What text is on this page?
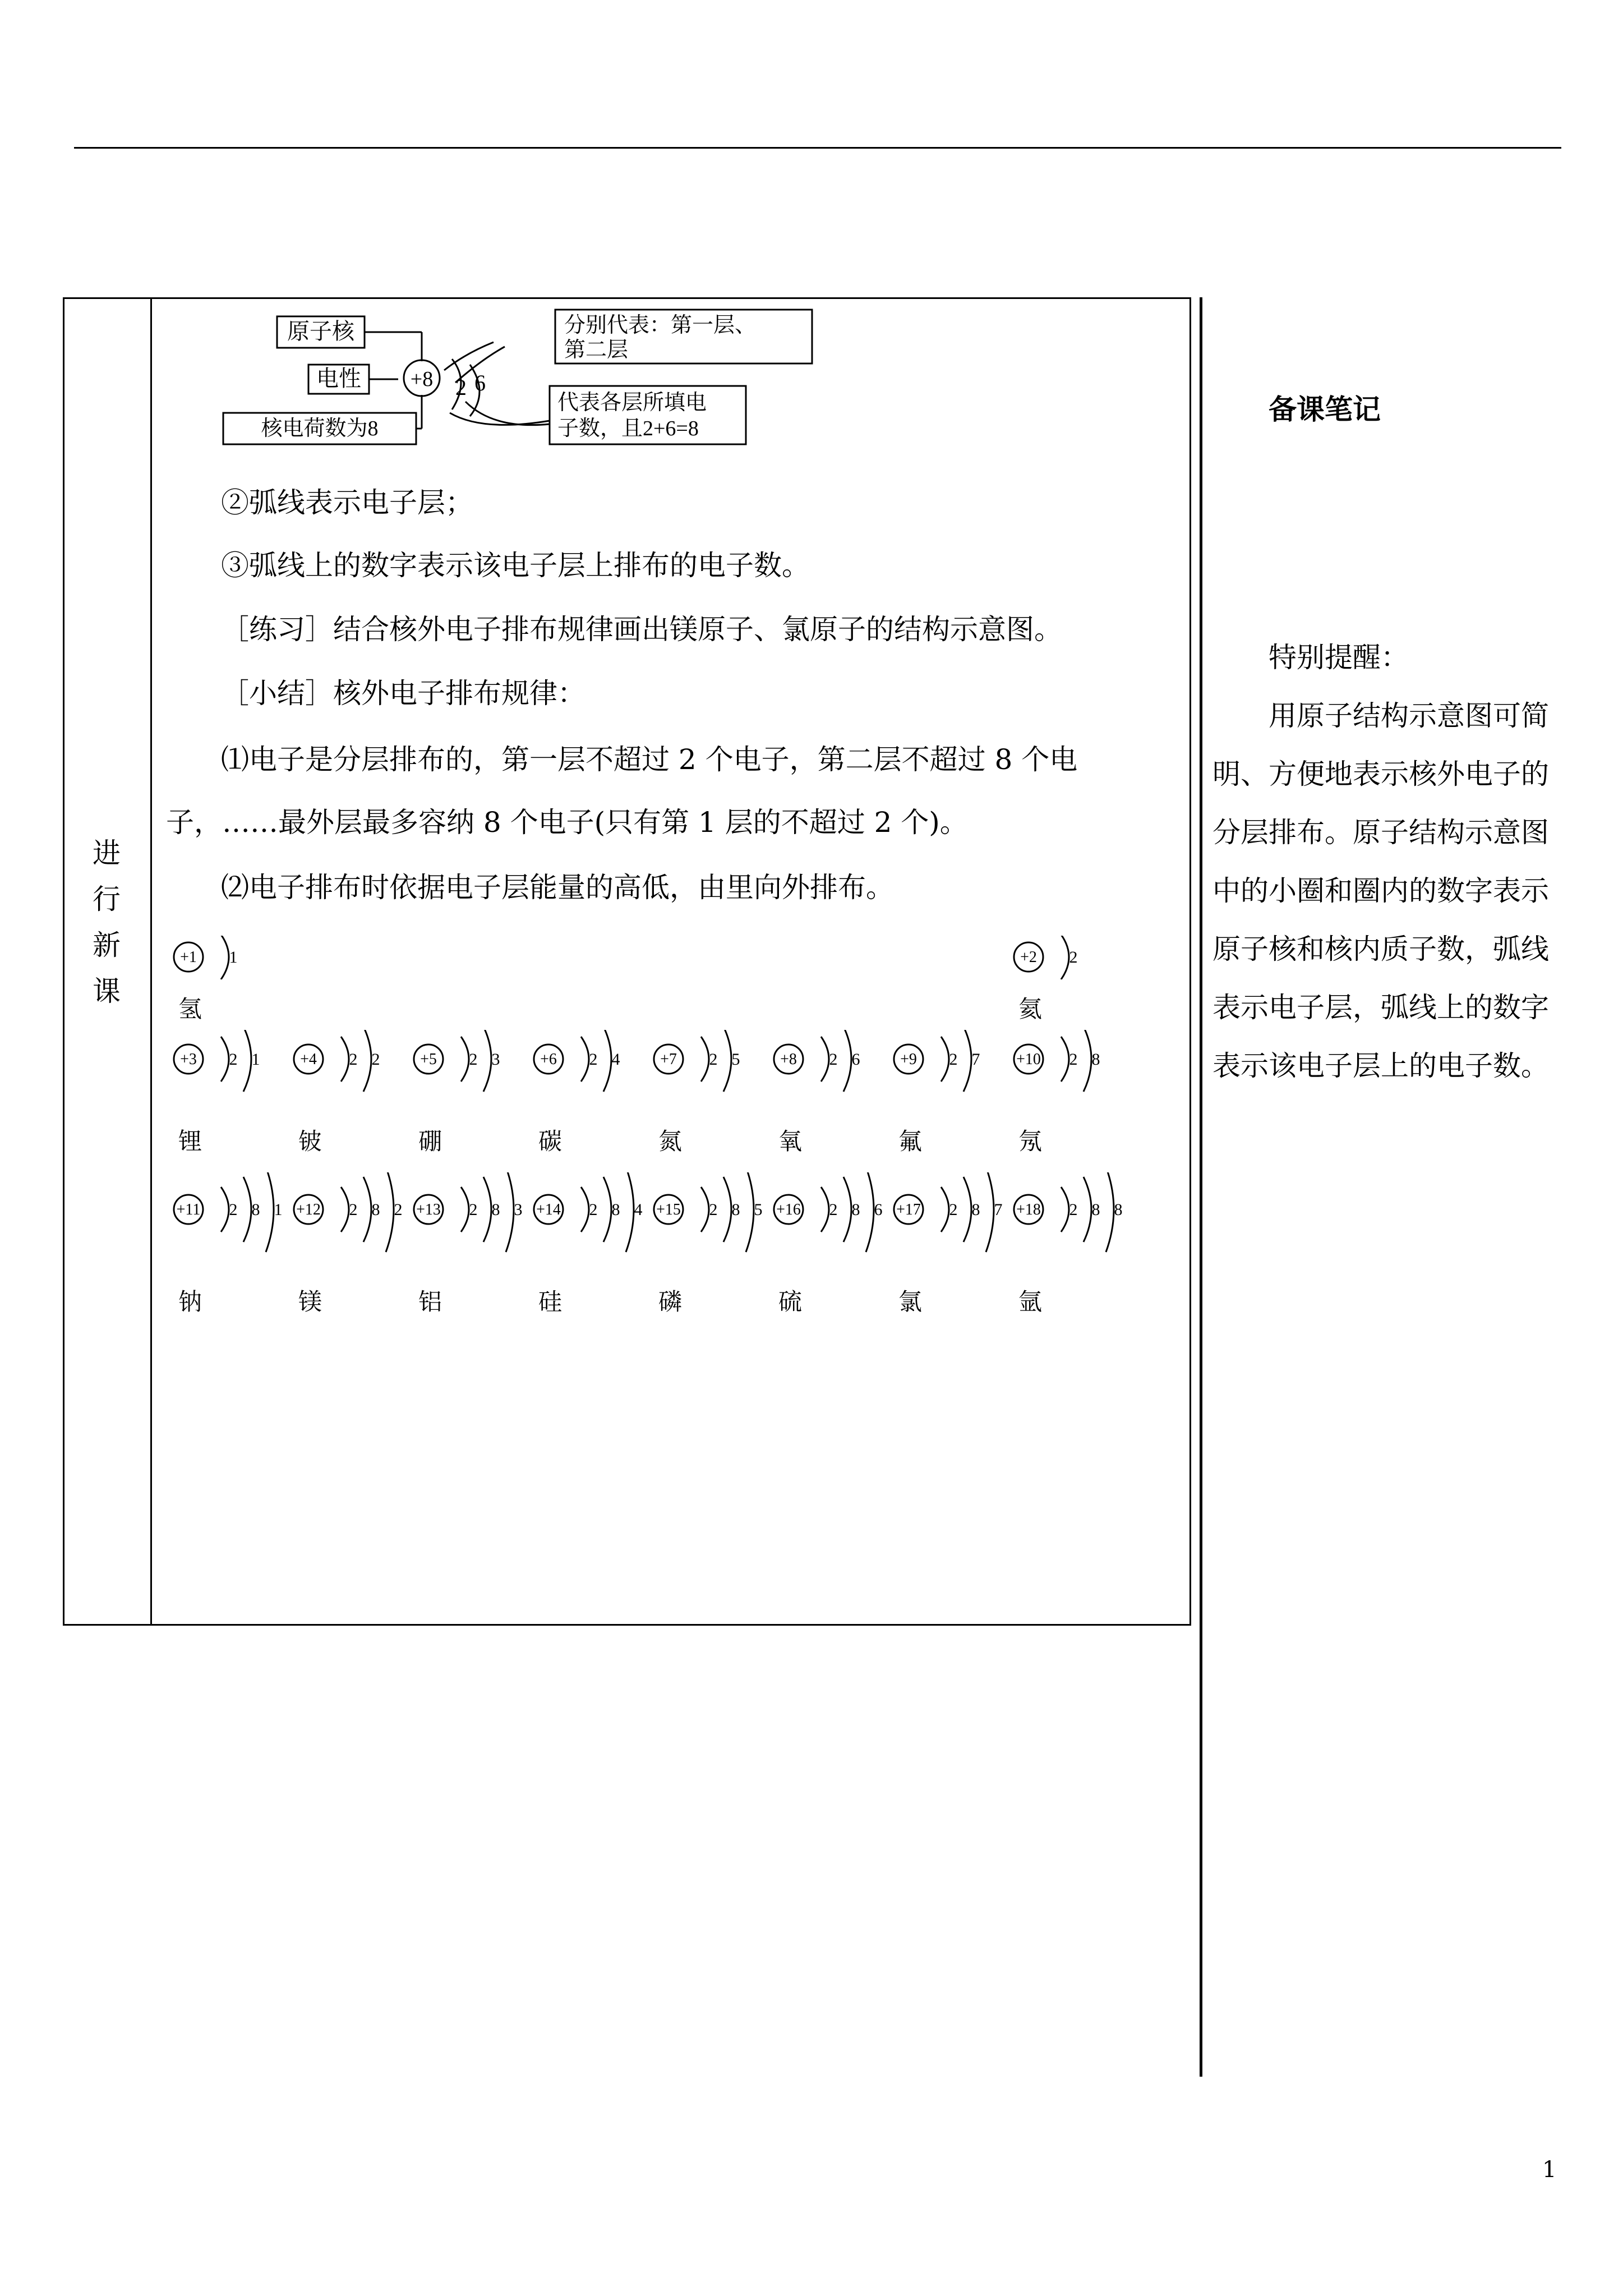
进
行
新
课
原子核
电性
核电荷数为8
+8 2 6
分别代表：第一层、
第二层
代表各层所填电
子数，且2+6=8
②弧线表示电子层；
③弧线上的数字表示该电子层上排布的电子数。
［练习］结合核外电子排布规律画出镁原子、氯原子的结构示意图。
［小结］核外电子排布规律：
⑴电子是分层排布的，第一层不超过 2 个电子，第二层不超过 8 个电
子，……最外层最多容纳 8 个电子(只有第 1 层的不超过 2 个)。
⑵电子排布时依据电子层能量的高低，由里向外排布。
+1 1
氢
+2 2
氦
+3 2 1
锂
+4 2 2
铍
+5 2 3
硼
+6 2 4
碳
+7 2 5
氮
+8 2 6
氧
+9 2 7
氟
+10 2 8
氖
+11 2 8 1
钠
+12 2 8 2
镁
+13 2 8 3
铝
+14 2 8 4
硅
+15 2 8 5
磷
+16 2 8 6
硫
+17 2 8 7
氯
+18 2 8 8
氩
备课笔记
特别提醒：
用原子结构示意图可简
明、方便地表示核外电子的
分层排布。原子结构示意图
中的小圈和圈内的数字表示
原子核和核内质子数，弧线
表示电子层，弧线上的数字
表示该电子层上的电子数。
1
